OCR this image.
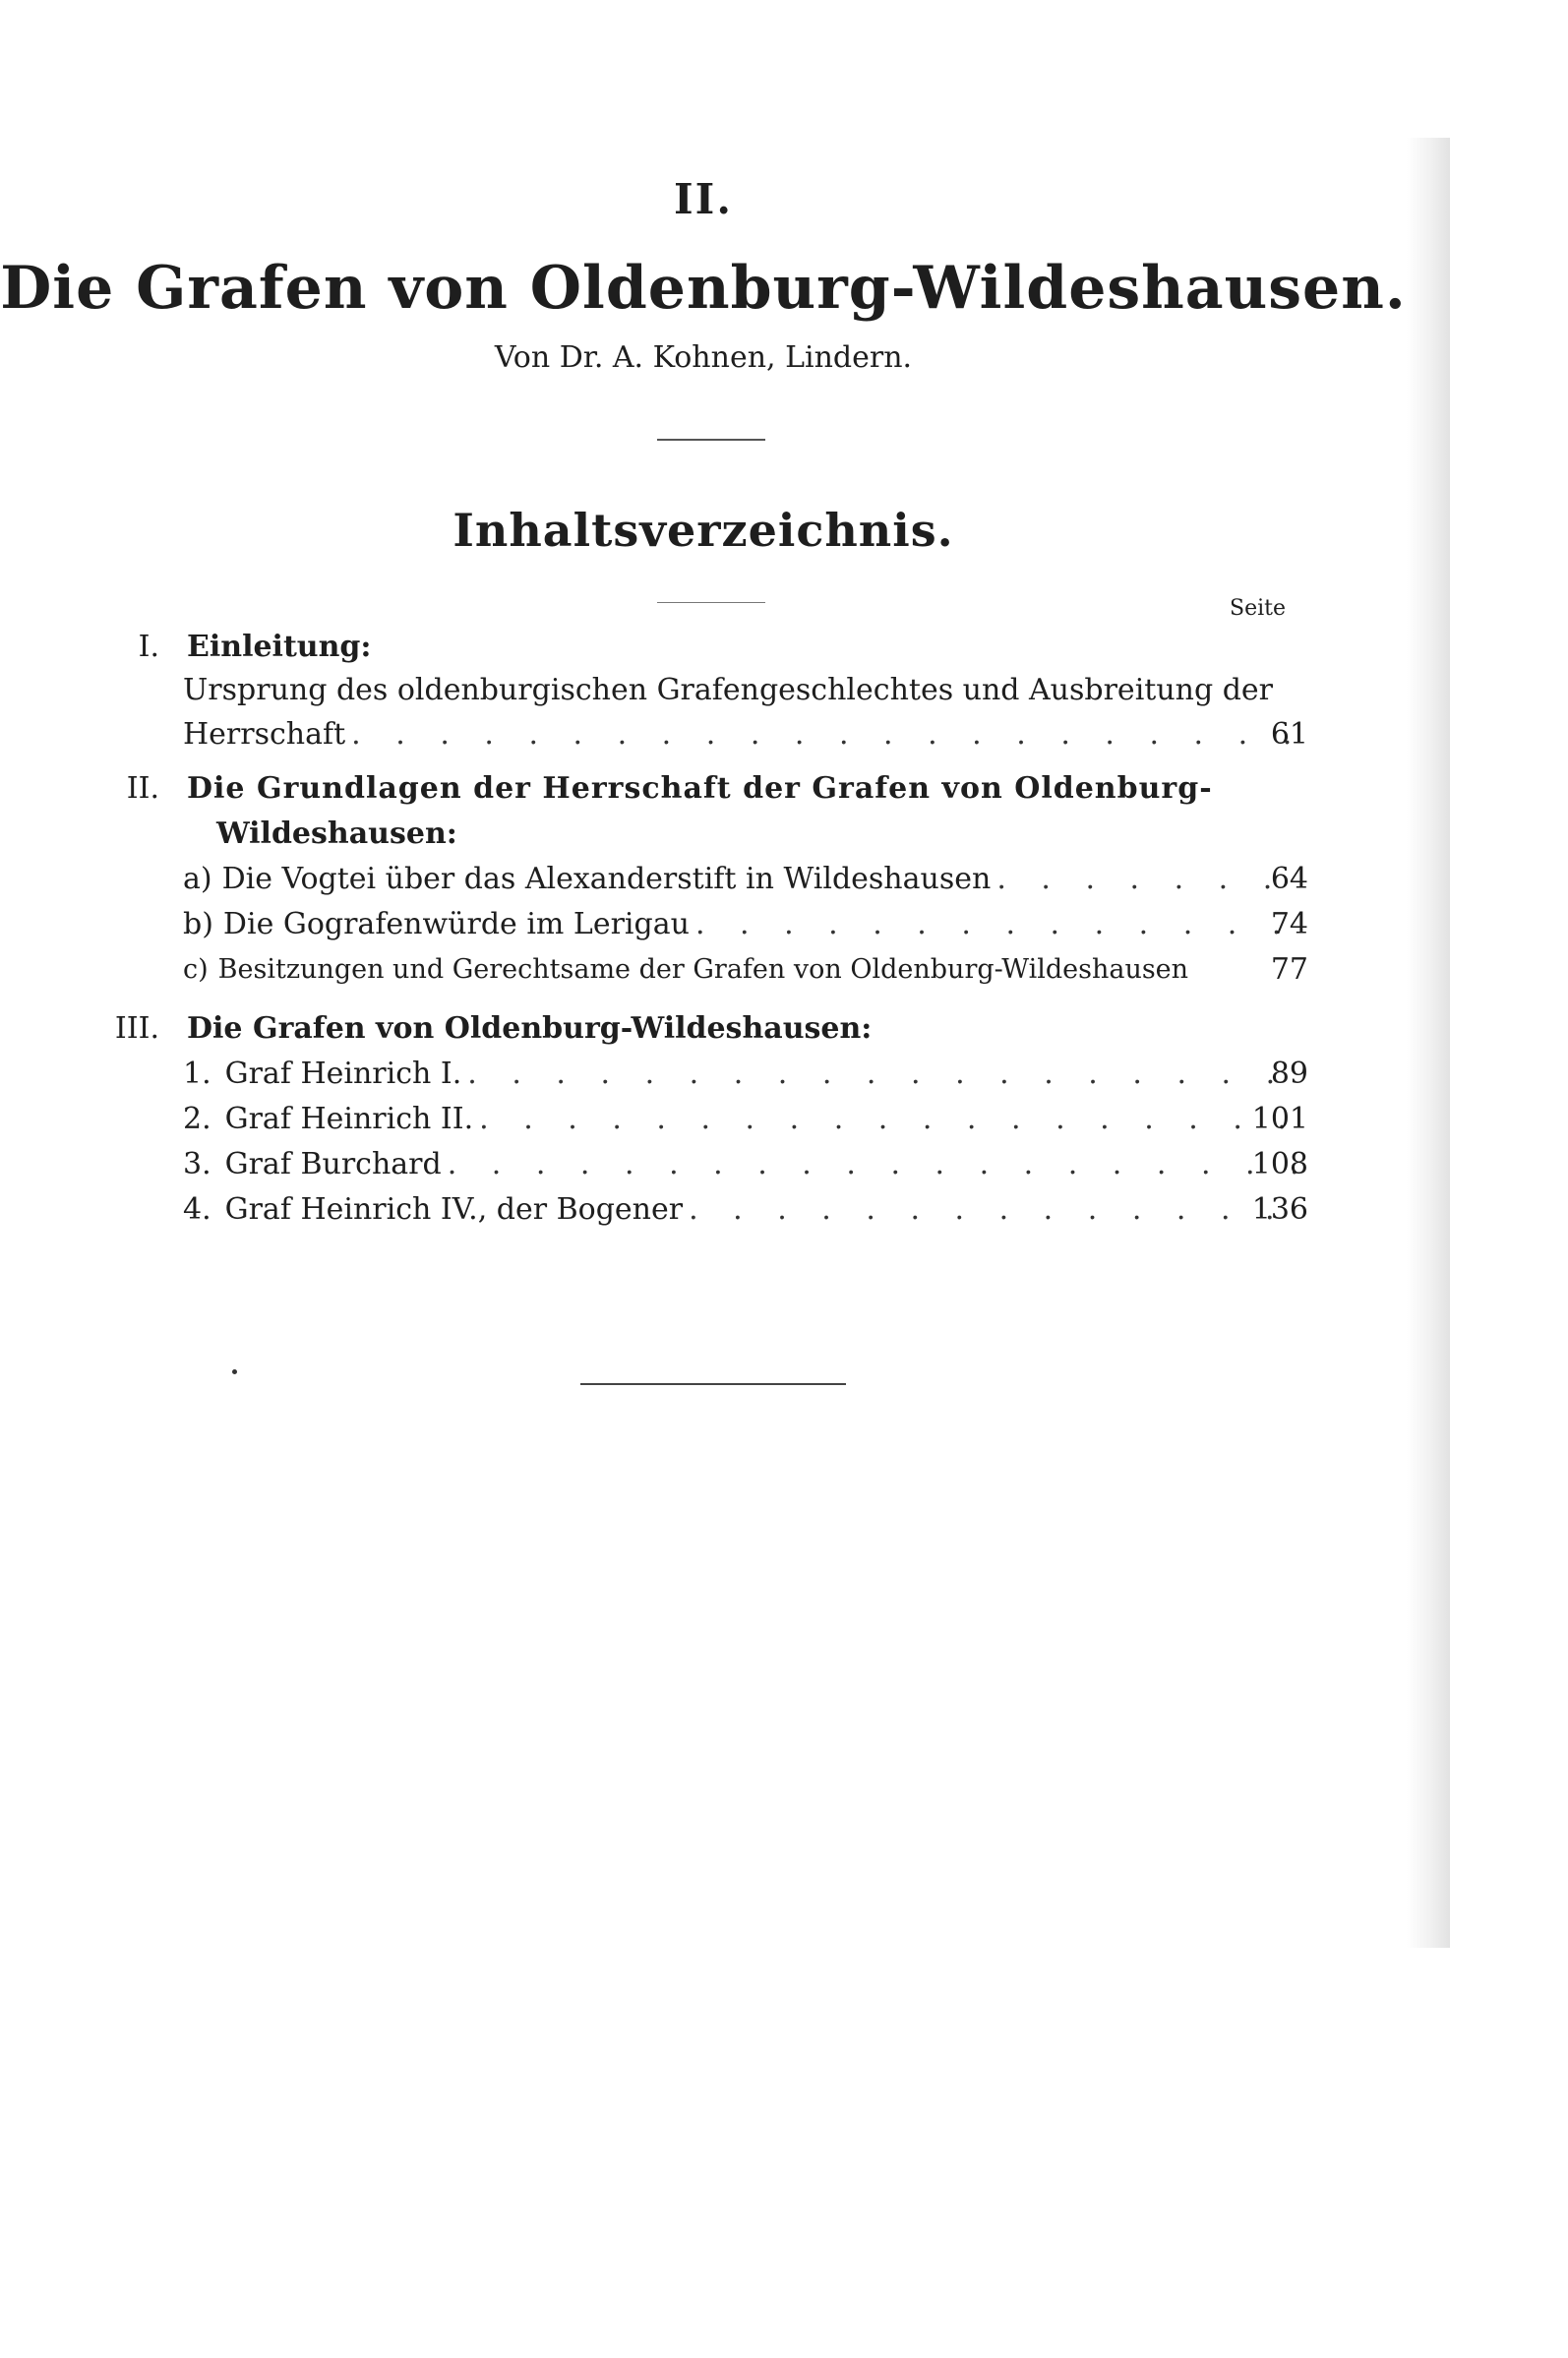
II.
Die Grafen von Oldenburg-Wildeshausen.
Von Dr. A. Kohnen, Lindern.
Inhaltsverzeichnis.
Seite
I. Einleitung:
Ursprung des oldenburgischen Grafengeschlechtes und Ausbreitung der
Herrschaft . . .	61
II. Die Grundlagen der Herrschaft der Grafen von Oldenburg-
Wildeshausen:
a) Die Vogtei über das Alexanderstift in Wildeshausen . . .	64
b) Die Gografenwürde im Lerigau . . .	74
c) Besitzungen und Gerechtsame der Grafen von Oldenburg-Wildeshausen	77
III. Die Grafen von Oldenburg-Wildeshausen:
1. Graf Heinrich I. . . .	89
2. Graf Heinrich II. . . .	101
3. Graf Burchard . . .	108
4. Graf Heinrich IV., der Bogener . . .	136
